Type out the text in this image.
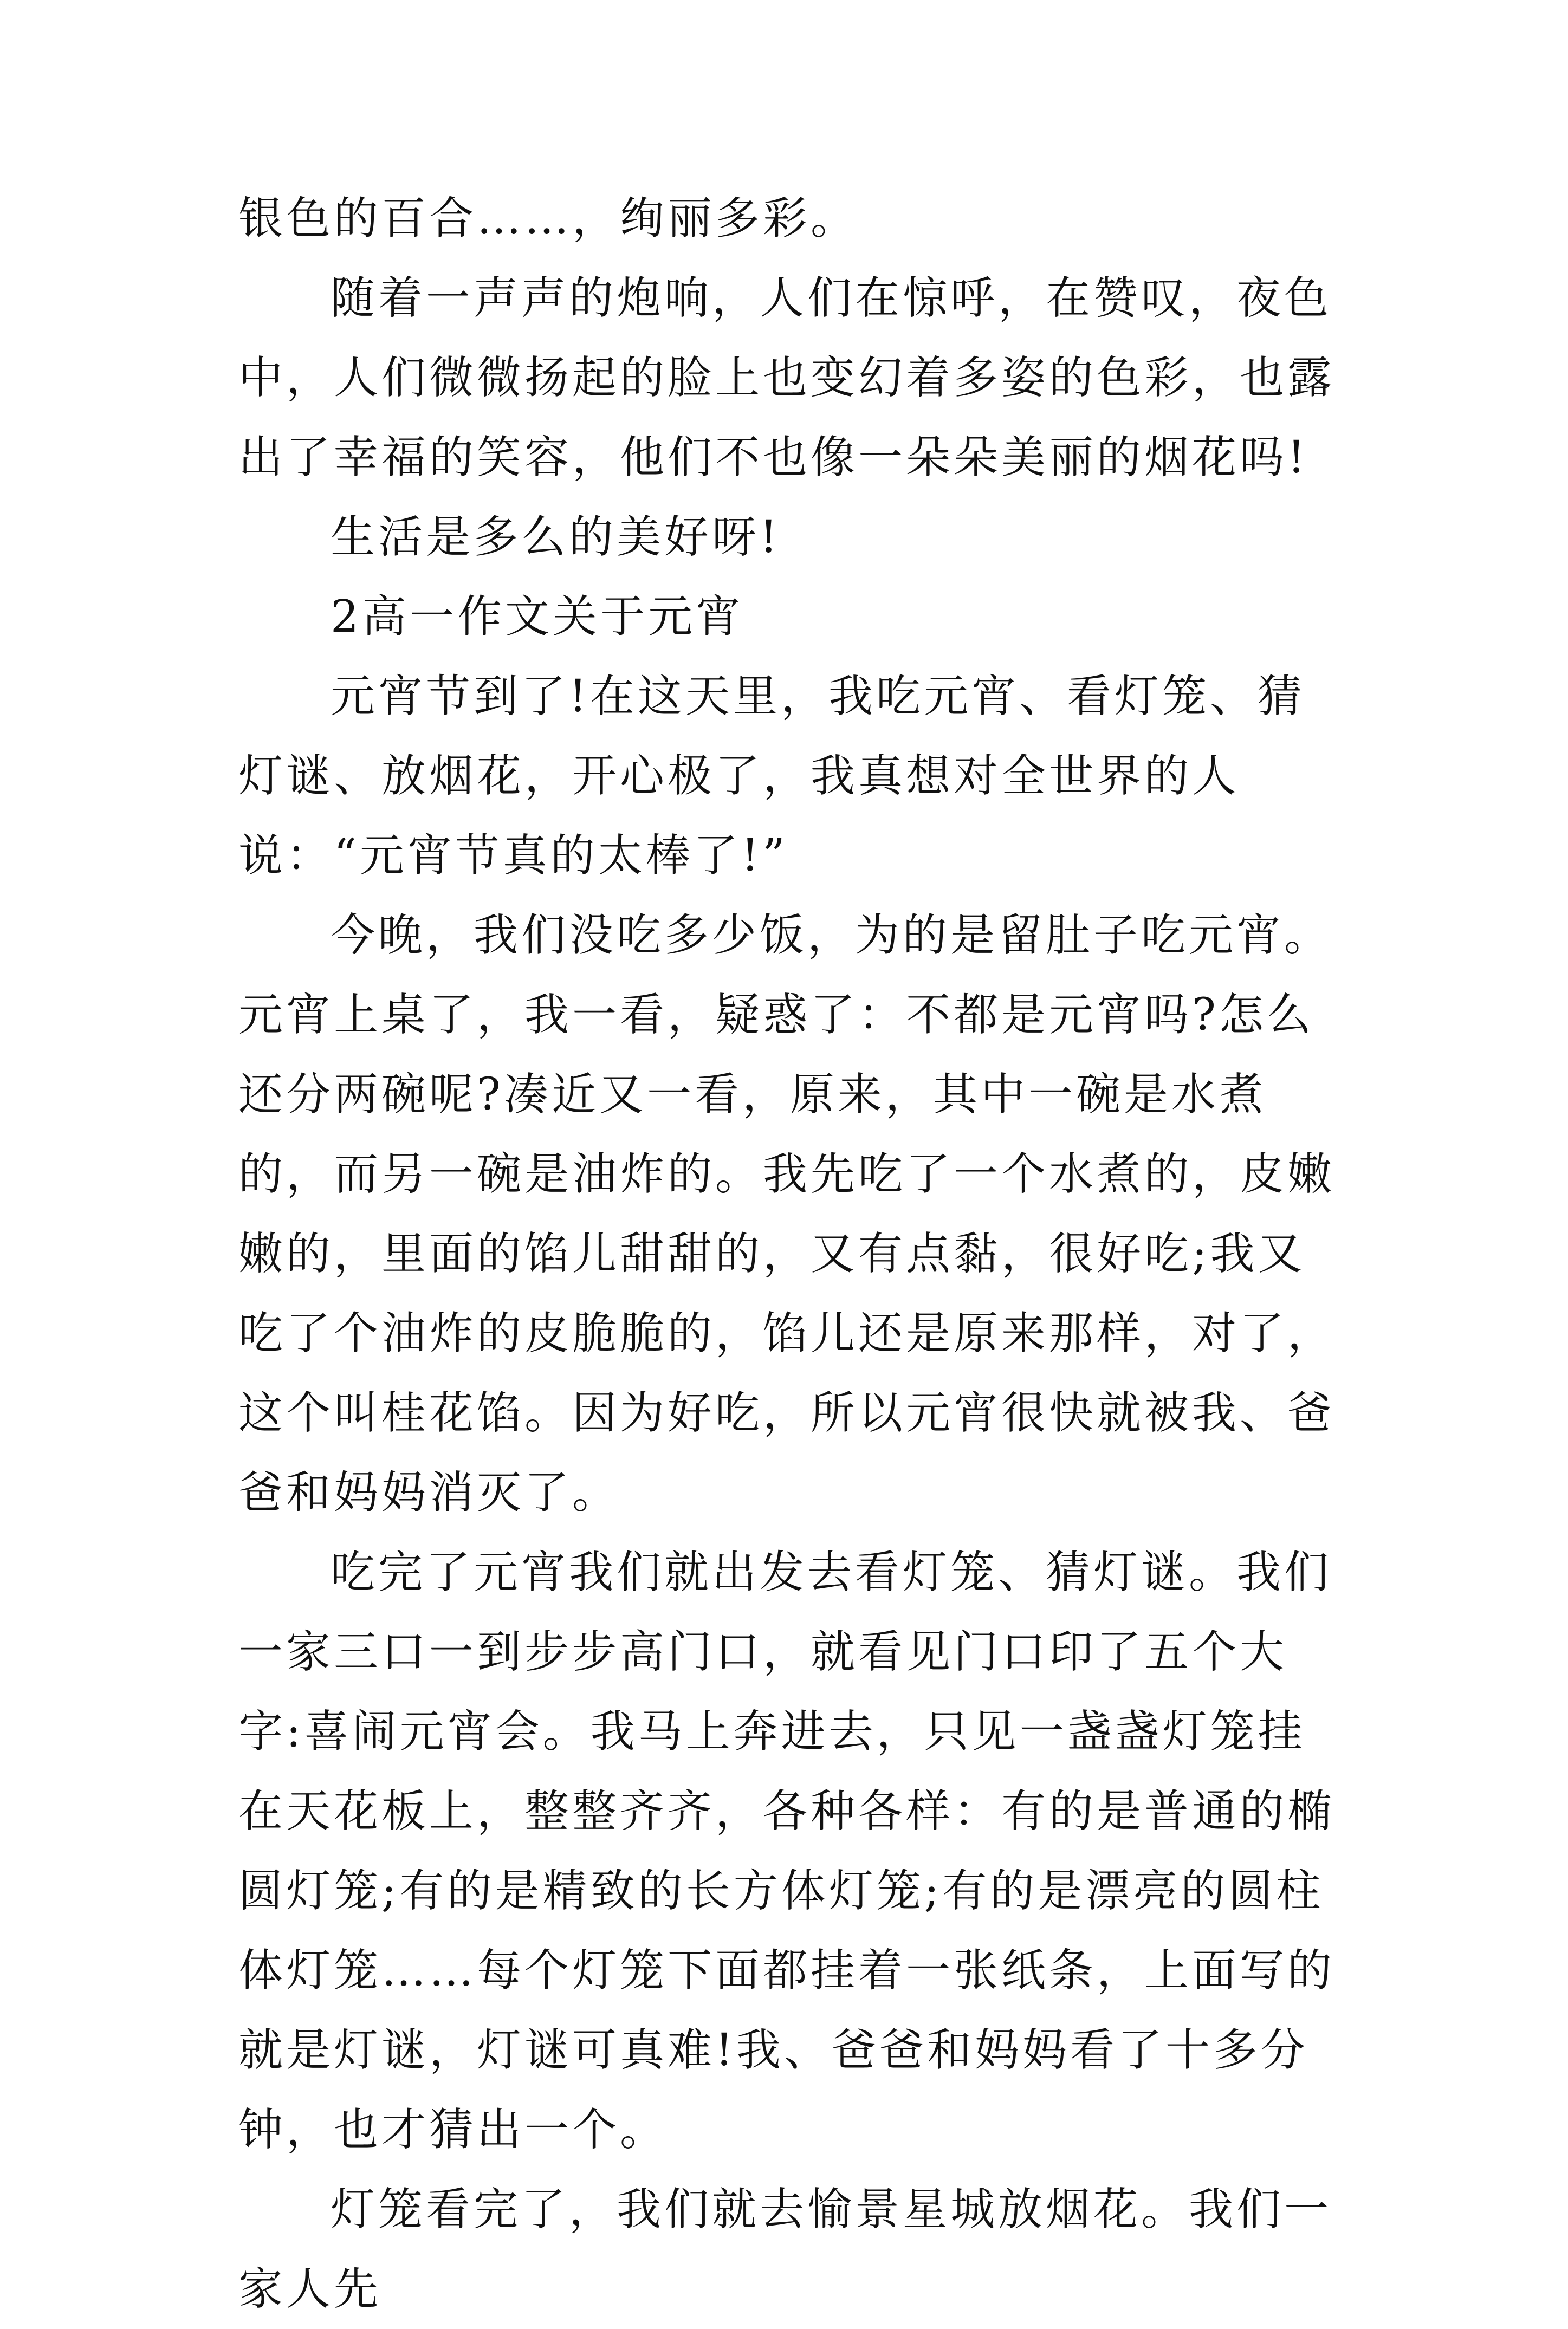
银色的百合……，绚丽多彩。

随着一声声的炮响，人们在惊呼，在赞叹，夜色中，人们微微扬起的脸上也变幻着多姿的色彩，也露出了幸福的笑容，他们不也像一朵朵美丽的烟花吗!

生活是多么的美好呀!

2高一作文关于元宵

元宵节到了!在这天里，我吃元宵、看灯笼、猜灯谜、放烟花，开心极了，我真想对全世界的人说：“元宵节真的太棒了!”

今晚，我们没吃多少饭，为的是留肚子吃元宵。元宵上桌了，我一看，疑惑了：不都是元宵吗?怎么还分两碗呢?凑近又一看，原来，其中一碗是水煮的，而另一碗是油炸的。我先吃了一个水煮的，皮嫩嫩的，里面的馅儿甜甜的，又有点黏，很好吃;我又吃了个油炸的皮脆脆的，馅儿还是原来那样，对了，这个叫桂花馅。因为好吃，所以元宵很快就被我、爸爸和妈妈消灭了。

吃完了元宵我们就出发去看灯笼、猜灯谜。我们一家三口一到步步高门口，就看见门口印了五个大字:喜闹元宵会。我马上奔进去，只见一盏盏灯笼挂在天花板上，整整齐齐，各种各样：有的是普通的椭圆灯笼;有的是精致的长方体灯笼;有的是漂亮的圆柱体灯笼……每个灯笼下面都挂着一张纸条，上面写的就是灯谜，灯谜可真难!我、爸爸和妈妈看了十多分钟，也才猜出一个。

灯笼看完了，我们就去愉景星城放烟花。我们一家人先
